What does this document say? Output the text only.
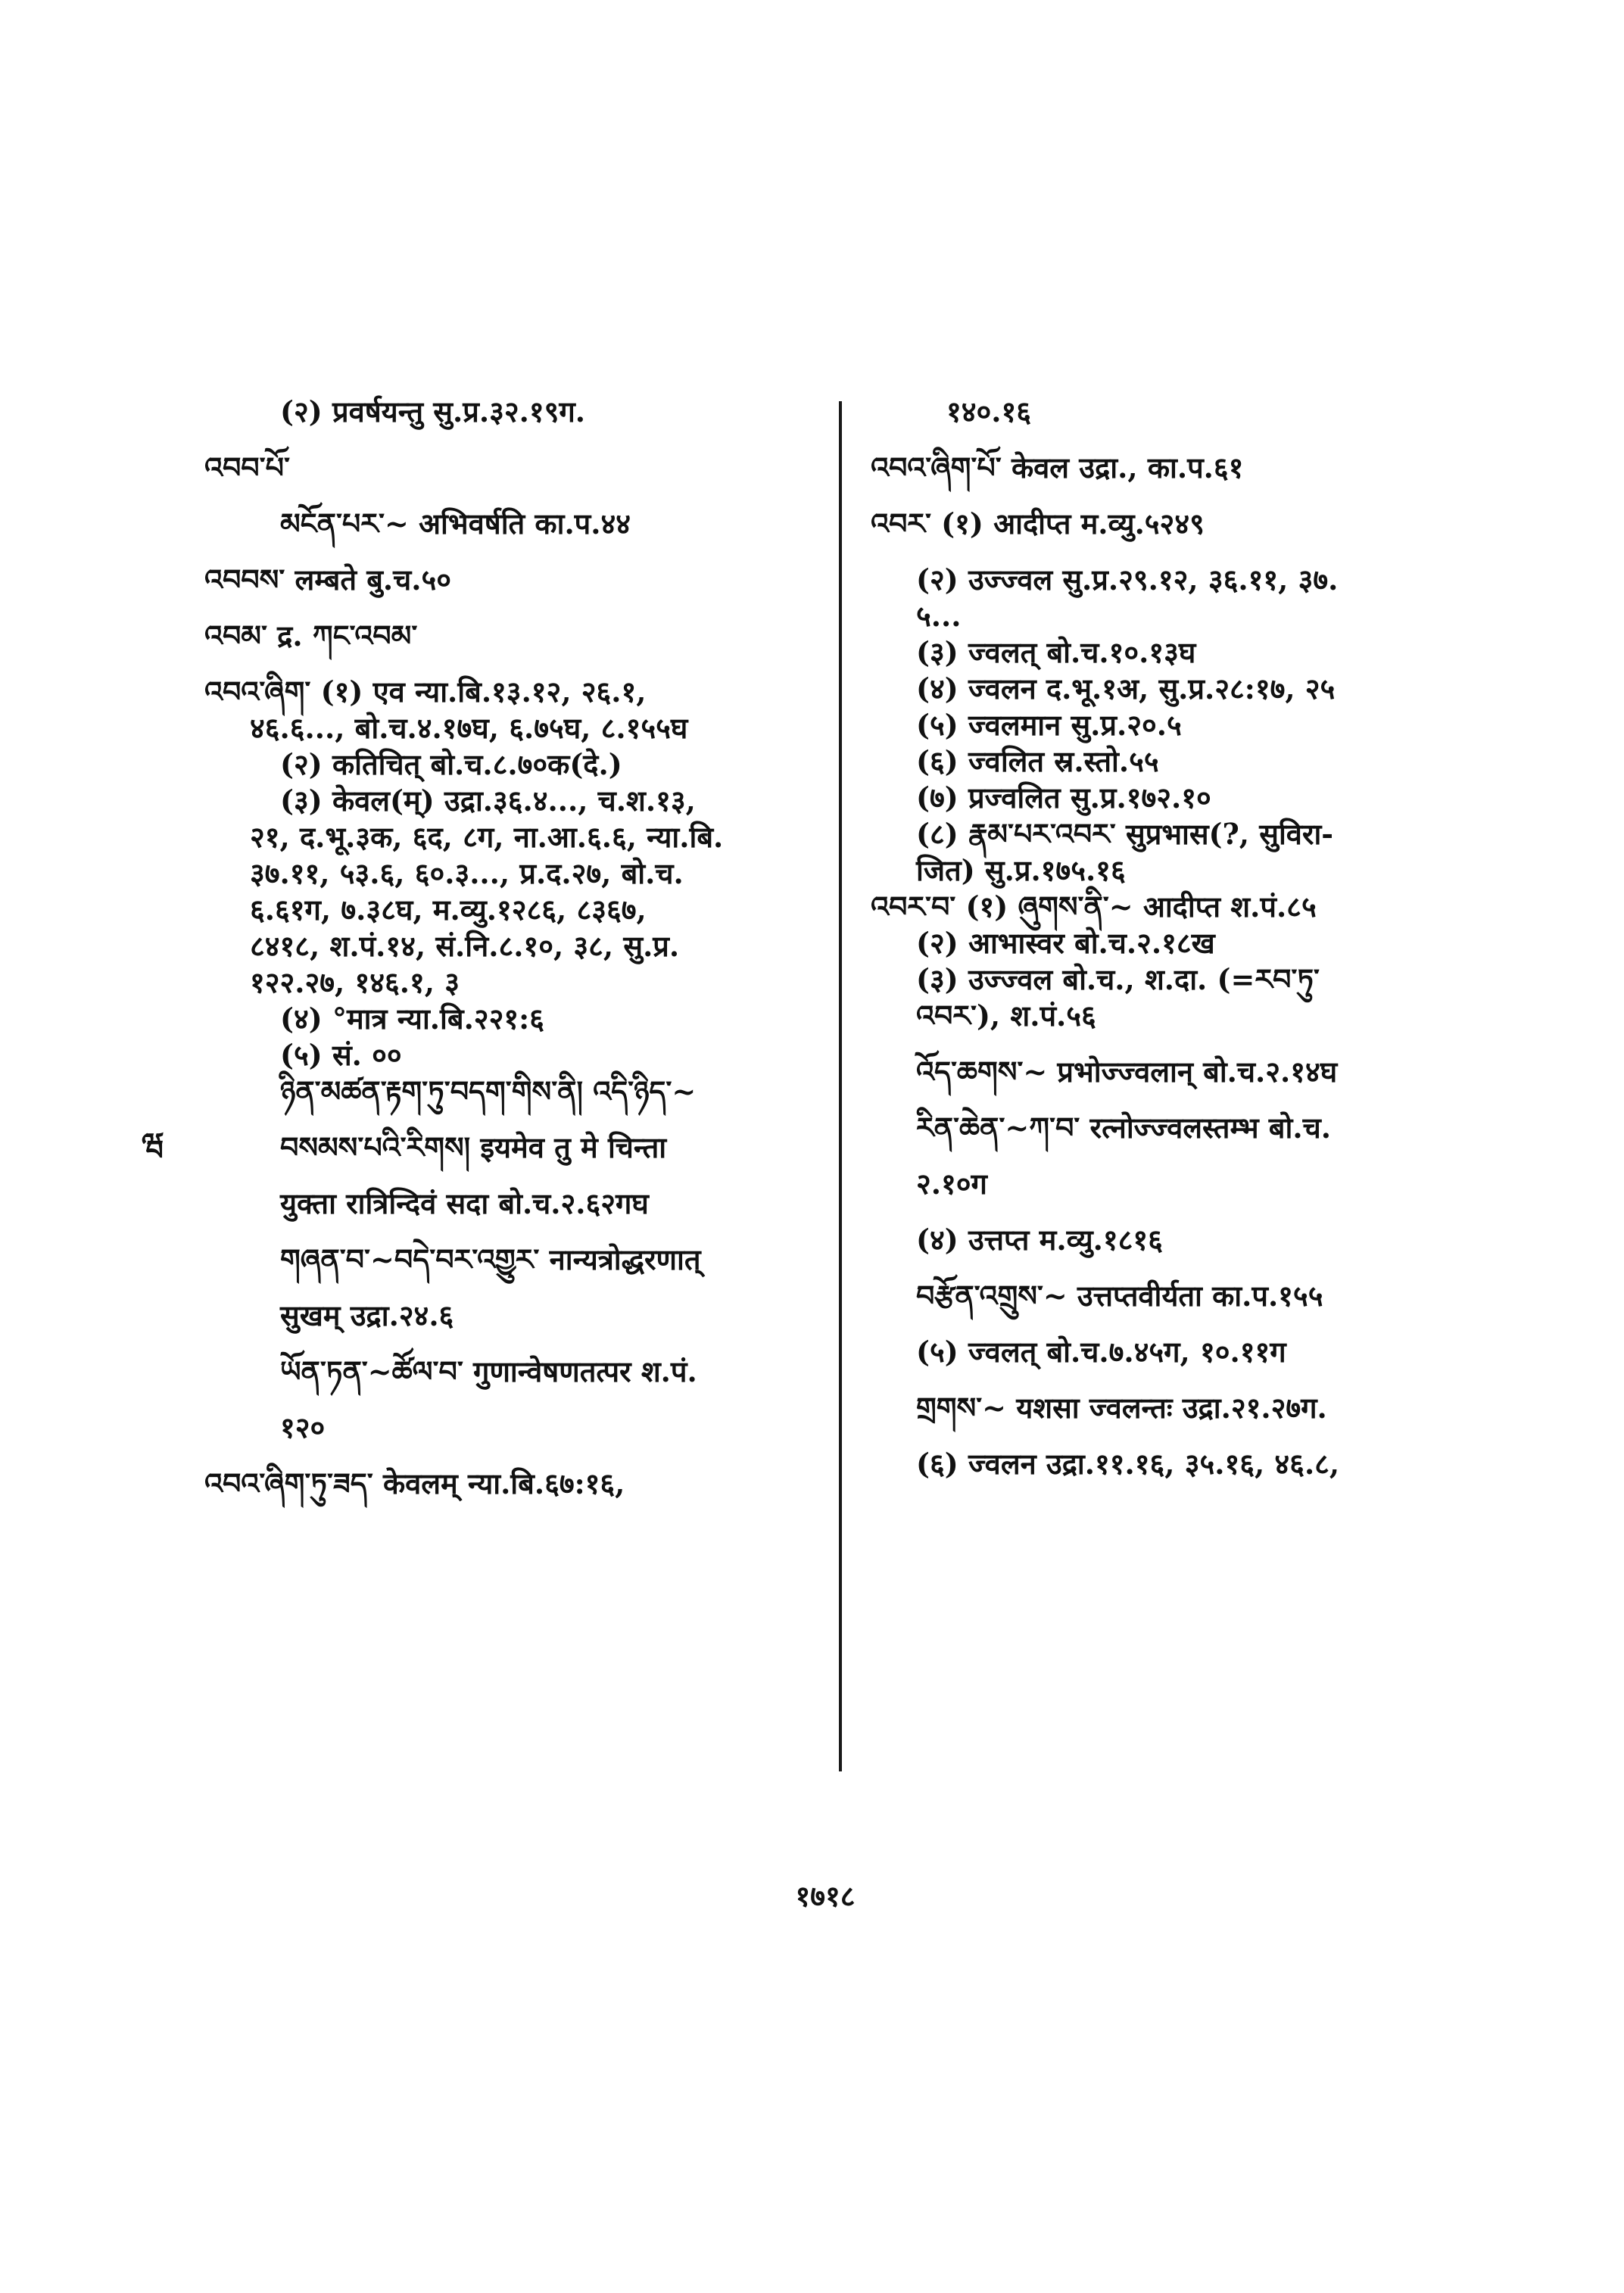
(२) प्रवर्षयन्तु सु.प्र.३२.१९ग.
འབབ་པོ་
མངོན་པར་~ अभिवर्षति का.प.४४
འབབས་ लम्बते बु.च.५०
འབམ་ द्र. ཀང་འབམ་
འབའ་ཞིག་ (१) एव न्या.बि.१३.१२, २६.१,
४६.६..., बो.च.४.१७घ, ६.७५घ, ८.१५५घ
(२) कतिचित् बो.च.८.७०क(दे.)
(३) केवल(म्) उद्रा.३६.४..., च.श.१३,
२१, द.भू.३क, ६द, ८ग, ना.आ.६.६, न्या.बि.
३७.११, ५३.६, ६०.३..., प्र.द.२७, बो.च.
६.६१ग, ७.३८घ, म.व्यु.१२८६, ८३६७,
८४१८, श.पं.१४, सं.नि.८.१०, ३८, सु.प्र.
१२२.२७, १४६.१, ३
(४) °मात्र न्या.बि.२२१:६
(५) सं. ००
ཉིན་མཚན་རྟག་ཏུ་བདག་གིས་ནི། འདི་ཉིད་~
བསམས་པའི་རིགས། इयमेव तु मे चिन्ता
युक्ता रात्रिन्दिवं सदा बो.च.२.६२गघ
གཞན་བ་~བདེ་བར་འགྱུར་ नान्यत्रोद्धरणात्
सुखम् उद्रा.२४.६
ཡོན་ཏན་~ཚོལ་བ་ गुणान्वेषणतत्पर श.पं.
१२०
འབའ་ཞིག་ཏུ་ཟད་ केवलम् न्या.बि.६७:१६,
१४०.१६
འབའ་ཞིག་པོ་ केवल उद्रा., का.प.६१
འབར་ (१) आदीप्त म.व्यु.५२४९
(२) उज्ज्वल सु.प्र.२९.१२, ३६.११, ३७.
५...
(३) ज्वलत् बो.च.१०.१३घ
(४) ज्वलन द.भू.१अ, सु.प्र.२८:१७, २५
(५) ज्वलमान सु.प्र.२०.५
(६) ज्वलित स्र.स्तो.५५
(७) प्रज्वलित सु.प्र.१७२.१०
(८) རྣམ་པར་འབར་ सुप्रभास(?, सुविरा-
जित) सु.प्र.१७५.१६
འབར་བ་ (१) ཞུགས་ནི་~ आदीप्त श.पं.८५
(२) आभास्वर बो.च.२.१८ख
(३) उज्ज्वल बो.च., श.दा. (=རབ་ཏུ་
འབར་), श.पं.५६
འོད་ཆགས་~ प्रभोज्ज्वलान् बो.च.२.१४घ
རིན་ཆེན་~ཀ་བ་ रत्नोज्ज्वलस्तम्भ बो.च.
२.१०ग
(४) उत्तप्त म.व्यु.१८१६
བརྩོན་འགྲུས་~ उत्तप्तवीर्यता का.प.१५५
(५) ज्वलत् बो.च.७.४५ग, १०.११ग
གྲགས་~ यशसा ज्वलन्तः उद्रा.२१.२७ग.
(६) ज्वलन उद्रा.११.१६, ३५.१६, ४६.८,
ཝ
१७१८
